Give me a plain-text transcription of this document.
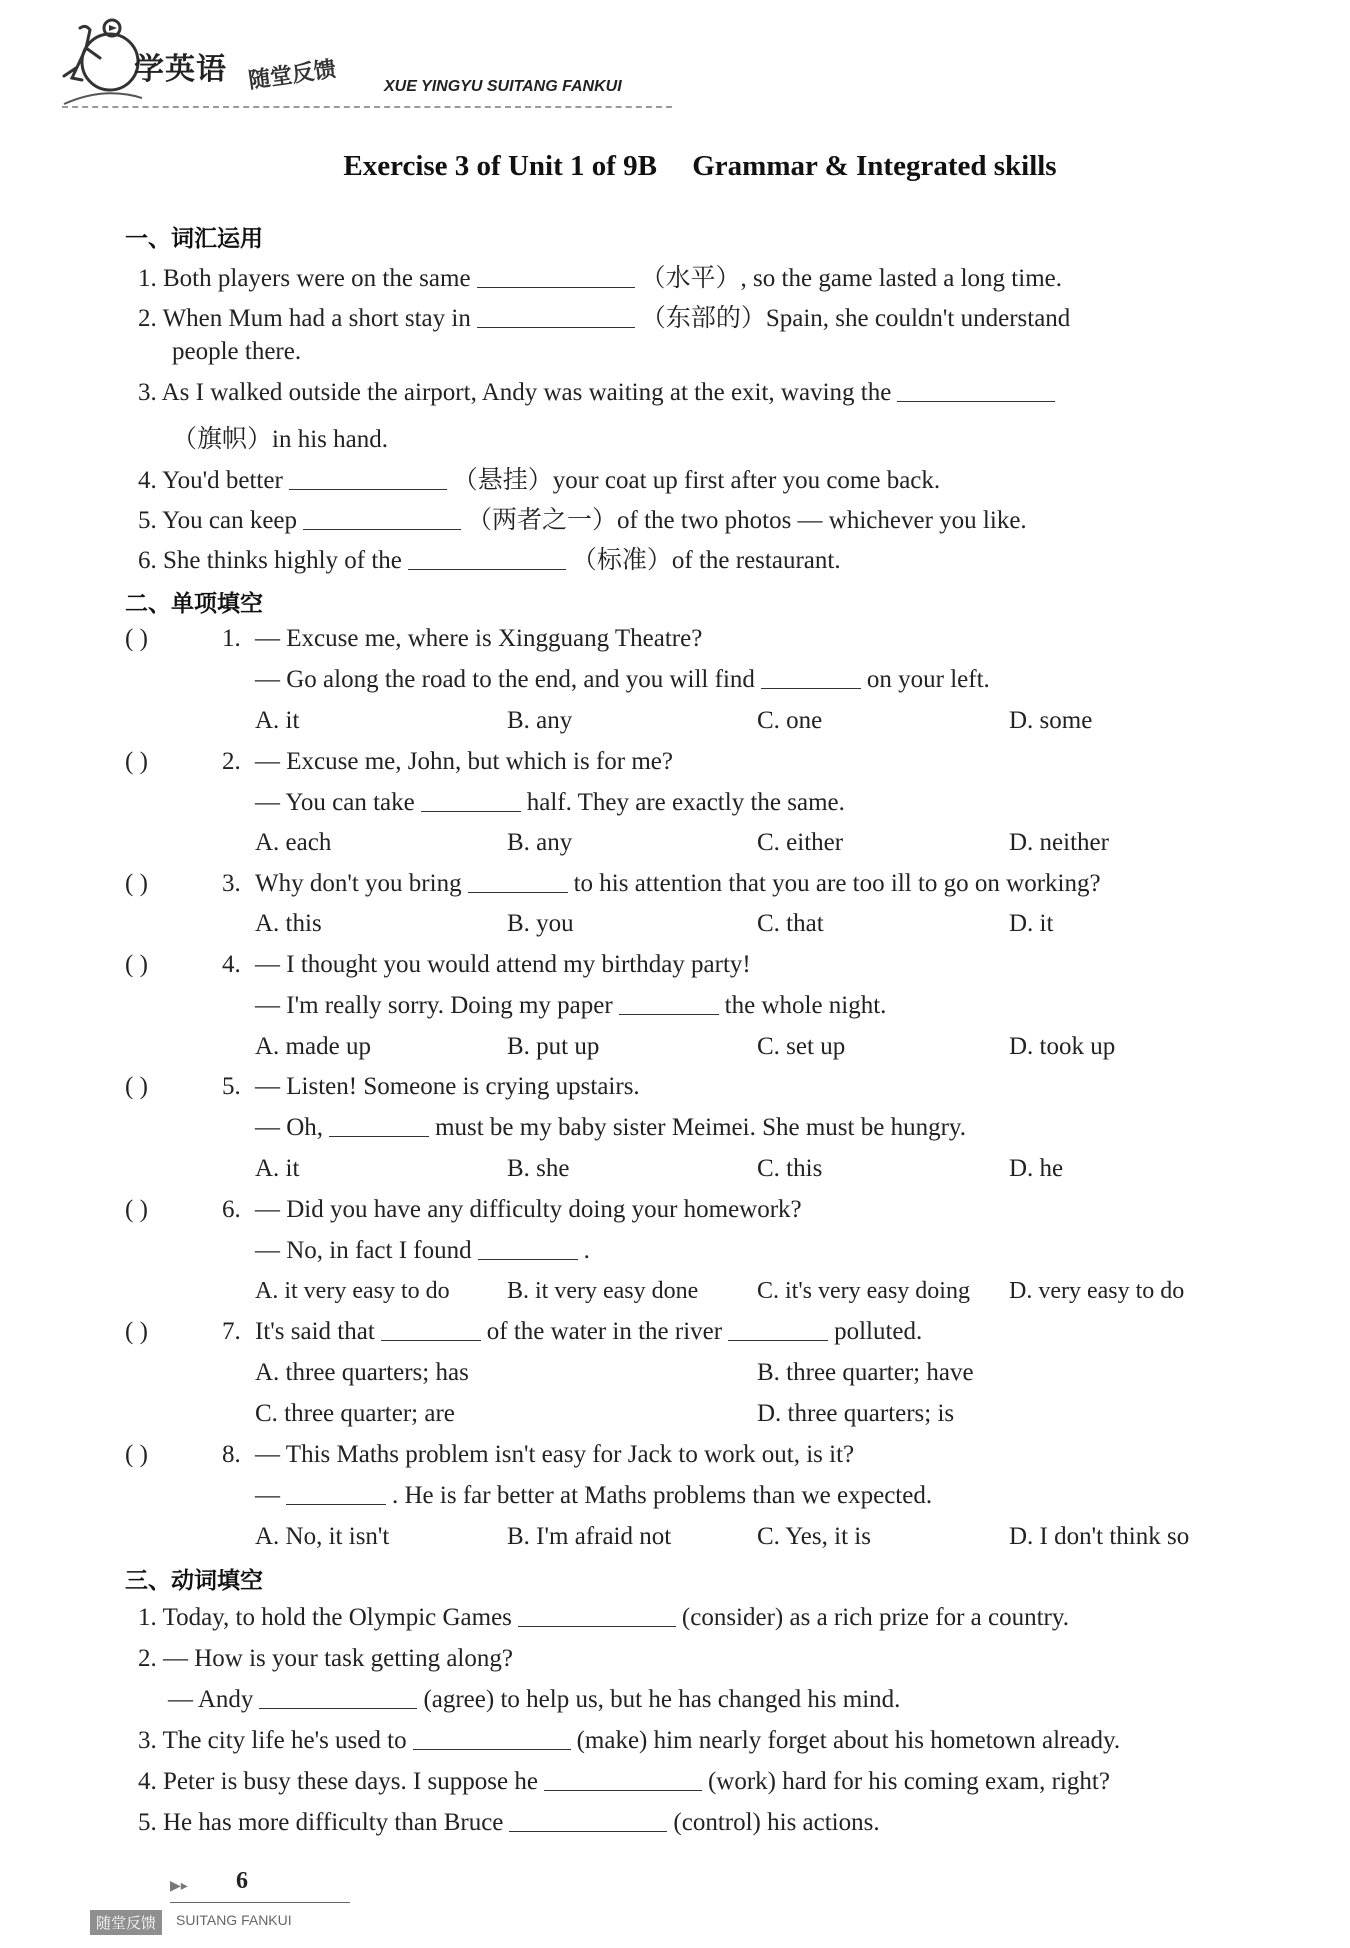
学英语 随堂反馈	XUE YINGYU SUITANG FANKUI
Exercise 3 of Unit 1 of 9B Grammar & Integrated skills
一、词汇运用
1. Both players were on the same	（水平）, so the game lasted a long time.
2. When Mum had a short stay in	（东部的）Spain, she couldn't understand
people there.
3. As I walked outside the airport, Andy was waiting at the exit, waving the
（旗帜）in his hand.
4. You'd better	（悬挂）your coat up first after you come back.
5. You can keep	（两者之一）of the two photos — whichever you like.
6. She thinks highly of the	（标准）of the restaurant.
二、单项填空
( )	1. — Excuse me, where is Xingguang Theatre?
— Go along the road to the end, and you will find	on your left.
A. it	B. any	C. one	D. some
( )	2. — Excuse me, John, but which is for me?
— You can take	half. They are exactly the same.
A. each	B. any	C. either	D. neither
( )	3. Why don't you bring	to his attention that you are too ill to go on working?
A. this	B. you	C. that	D. it
( )	4. — I thought you would attend my birthday party!
— I'm really sorry. Doing my paper	the whole night.
A. made up	B. put up	C. set up	D. took up
( )	5. — Listen! Someone is crying upstairs.
— Oh,	must be my baby sister Meimei. She must be hungry.
A. it	B. she	C. this	D. he
( )	6. — Did you have any difficulty doing your homework?
— No, in fact I found	.
A. it very easy to do B. it very easy done C. it's very easy doing D. very easy to do
( )	7. It's said that	of the water in the river	polluted.
A. three quarters; has	B. three quarter; have
C. three quarter; are	D. three quarters; is
( )	8. — This Maths problem isn't easy for Jack to work out, is it?
—	. He is far better at Maths problems than we expected.
A. No, it isn't	B. I'm afraid not	C. Yes, it is	D. I don't think so
三、动词填空
1. Today, to hold the Olympic Games	(consider) as a rich prize for a country.
2. — How is your task getting along?
— Andy	(agree) to help us, but he has changed his mind.
3. The city life he's used to	(make) him nearly forget about his hometown already.
4. Peter is busy these days. I suppose he	(work) hard for his coming exam, right?
5. He has more difficulty than Bruce	(control) his actions.
▶▸ 6
随堂反馈	SUITANG FANKUI
